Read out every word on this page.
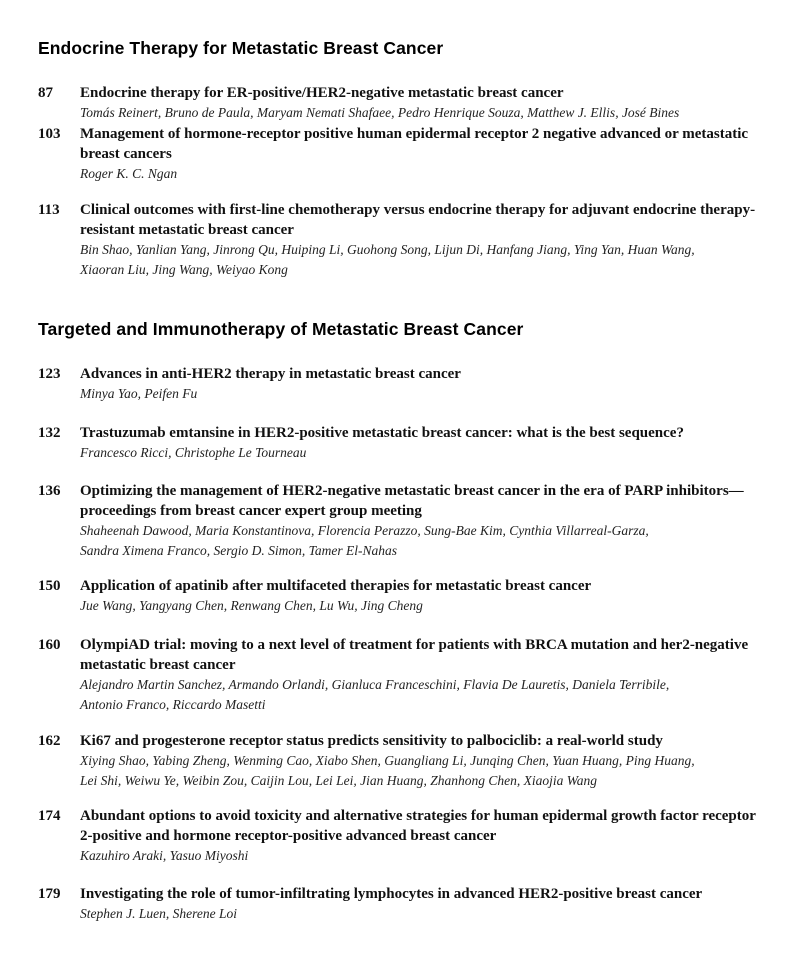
Endocrine Therapy for Metastatic Breast Cancer
87 Endocrine therapy for ER-positive/HER2-negative metastatic breast cancer

Tomás Reinert, Bruno de Paula, Maryam Nemati Shafaee, Pedro Henrique Souza, Matthew J. Ellis, José Bines

103 Management of hormone-receptor positive human epidermal receptor 2 negative advanced or metastatic breast cancers

Roger K. C. Ngan

113 Clinical outcomes with first-line chemotherapy versus endocrine therapy for adjuvant endocrine therapy-resistant metastatic breast cancer

Bin Shao, Yanlian Yang, Jinrong Qu, Huiping Li, Guohong Song, Lijun Di, Hanfang Jiang, Ying Yan, Huan Wang,

Xiaoran Liu, Jing Wang, Weiyao Kong

Targeted and Immunotherapy of Metastatic Breast Cancer
123 Advances in anti-HER2 therapy in metastatic breast cancer

Minya Yao, Peifen Fu

132 Trastuzumab emtansine in HER2-positive metastatic breast cancer: what is the best sequence?

Francesco Ricci, Christophe Le Tourneau

136 Optimizing the management of HER2-negative metastatic breast cancer in the era of PARP inhibitors—proceedings from breast cancer expert group meeting

Shaheenah Dawood, Maria Konstantinova, Florencia Perazzo, Sung-Bae Kim, Cynthia Villarreal-Garza,

Sandra Ximena Franco, Sergio D. Simon, Tamer El-Nahas

150 Application of apatinib after multifaceted therapies for metastatic breast cancer

Jue Wang, Yangyang Chen, Renwang Chen, Lu Wu, Jing Cheng

160 OlympiAD trial: moving to a next level of treatment for patients with BRCA mutation and her2-negative metastatic breast cancer

Alejandro Martin Sanchez, Armando Orlandi, Gianluca Franceschini, Flavia De Lauretis, Daniela Terribile,

Antonio Franco, Riccardo Masetti

162 Ki67 and progesterone receptor status predicts sensitivity to palbociclib: a real-world study

Xiying Shao, Yabing Zheng, Wenming Cao, Xiabo Shen, Guangliang Li, Junqing Chen, Yuan Huang, Ping Huang,

Lei Shi, Weiwu Ye, Weibin Zou, Caijin Lou, Lei Lei, Jian Huang, Zhanhong Chen, Xiaojia Wang

174 Abundant options to avoid toxicity and alternative strategies for human epidermal growth factor receptor 2-positive and hormone receptor-positive advanced breast cancer

Kazuhiro Araki, Yasuo Miyoshi

179 Investigating the role of tumor-infiltrating lymphocytes in advanced HER2-positive breast cancer

Stephen J. Luen, Sherene Loi
